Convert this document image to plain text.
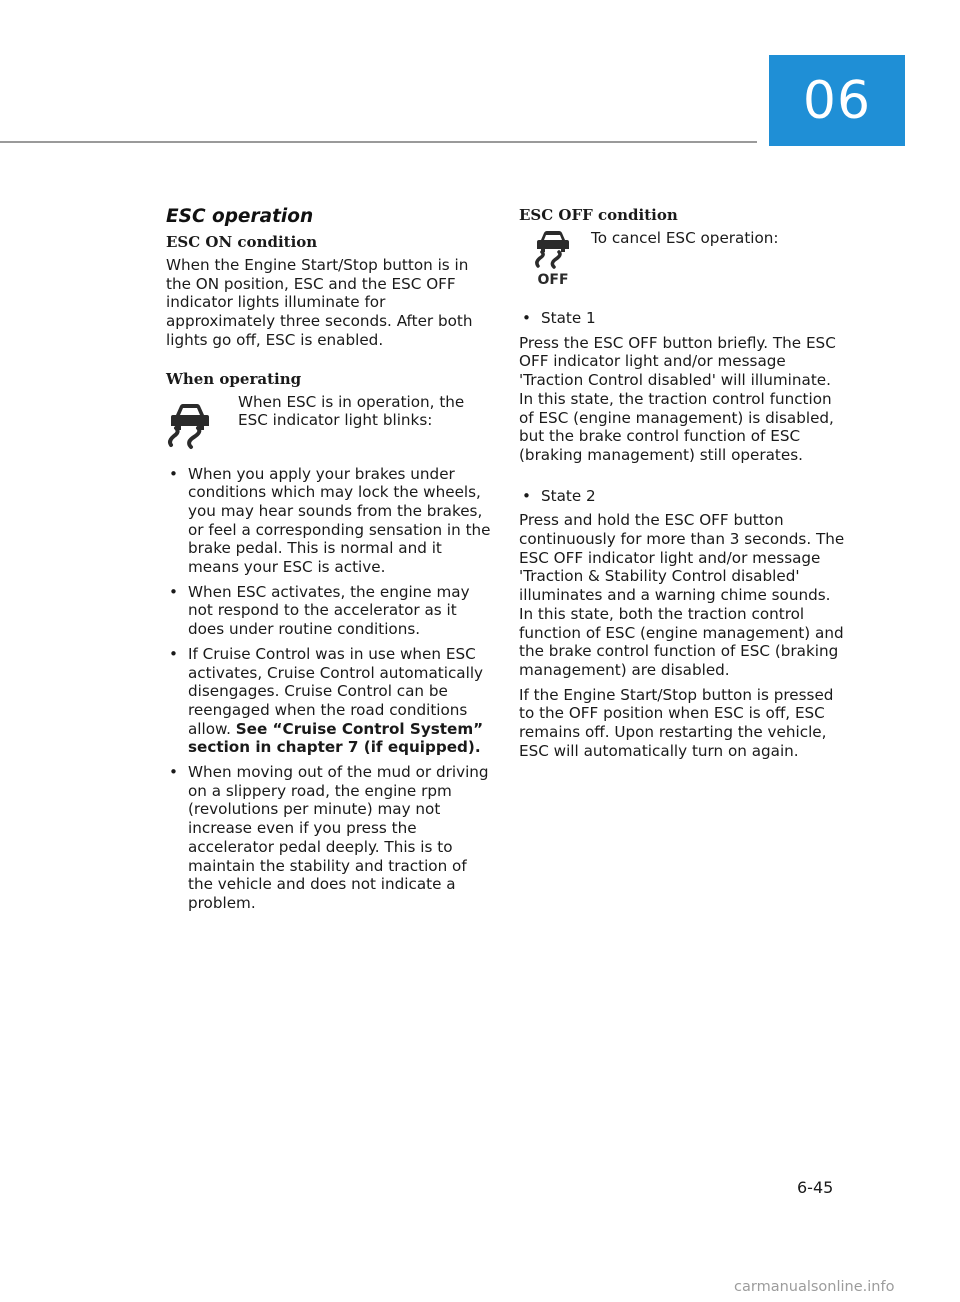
06
ESC operation
ESC ON condition

When the Engine Start/Stop button is in the ON position, ESC and the ESC OFF indicator lights illuminate for approximately three seconds. After both lights go off, ESC is enabled.

When operating
When ESC is in operation, the ESC indicator light blinks:
• When you apply your brakes under conditions which may lock the wheels, you may hear sounds from the brakes, or feel a corresponding sensation in the brake pedal. This is normal and it means your ESC is active.
• When ESC activates, the engine may not respond to the accelerator as it does under routine conditions.
• If Cruise Control was in use when ESC activates, Cruise Control automatically disengages. Cruise Control can be reengaged when the road conditions allow. See “Cruise Control System” section in chapter 7 (if equipped).
• When moving out of the mud or driving on a slippery road, the engine rpm (revolutions per minute) may not increase even if you press the accelerator pedal deeply. This is to maintain the stability and traction of the vehicle and does not indicate a problem.
ESC OFF condition
OFF
To cancel ESC operation:
• State 1

Press the ESC OFF button briefly. The ESC OFF indicator light and/or message 'Traction Control disabled' will illuminate. In this state, the traction control function of ESC (engine management) is disabled, but the brake control function of ESC (braking management) still operates.

• State 2

Press and hold the ESC OFF button continuously for more than 3 seconds. The ESC OFF indicator light and/or message 'Traction & Stability Control disabled' illuminates and a warning chime sounds. In this state, both the traction control function of ESC (engine management) and the brake control function of ESC (braking management) are disabled.

If the Engine Start/Stop button is pressed to the OFF position when ESC is off, ESC remains off. Upon restarting the vehicle, ESC will automatically turn on again.

6-45
carmanualsonline.info
